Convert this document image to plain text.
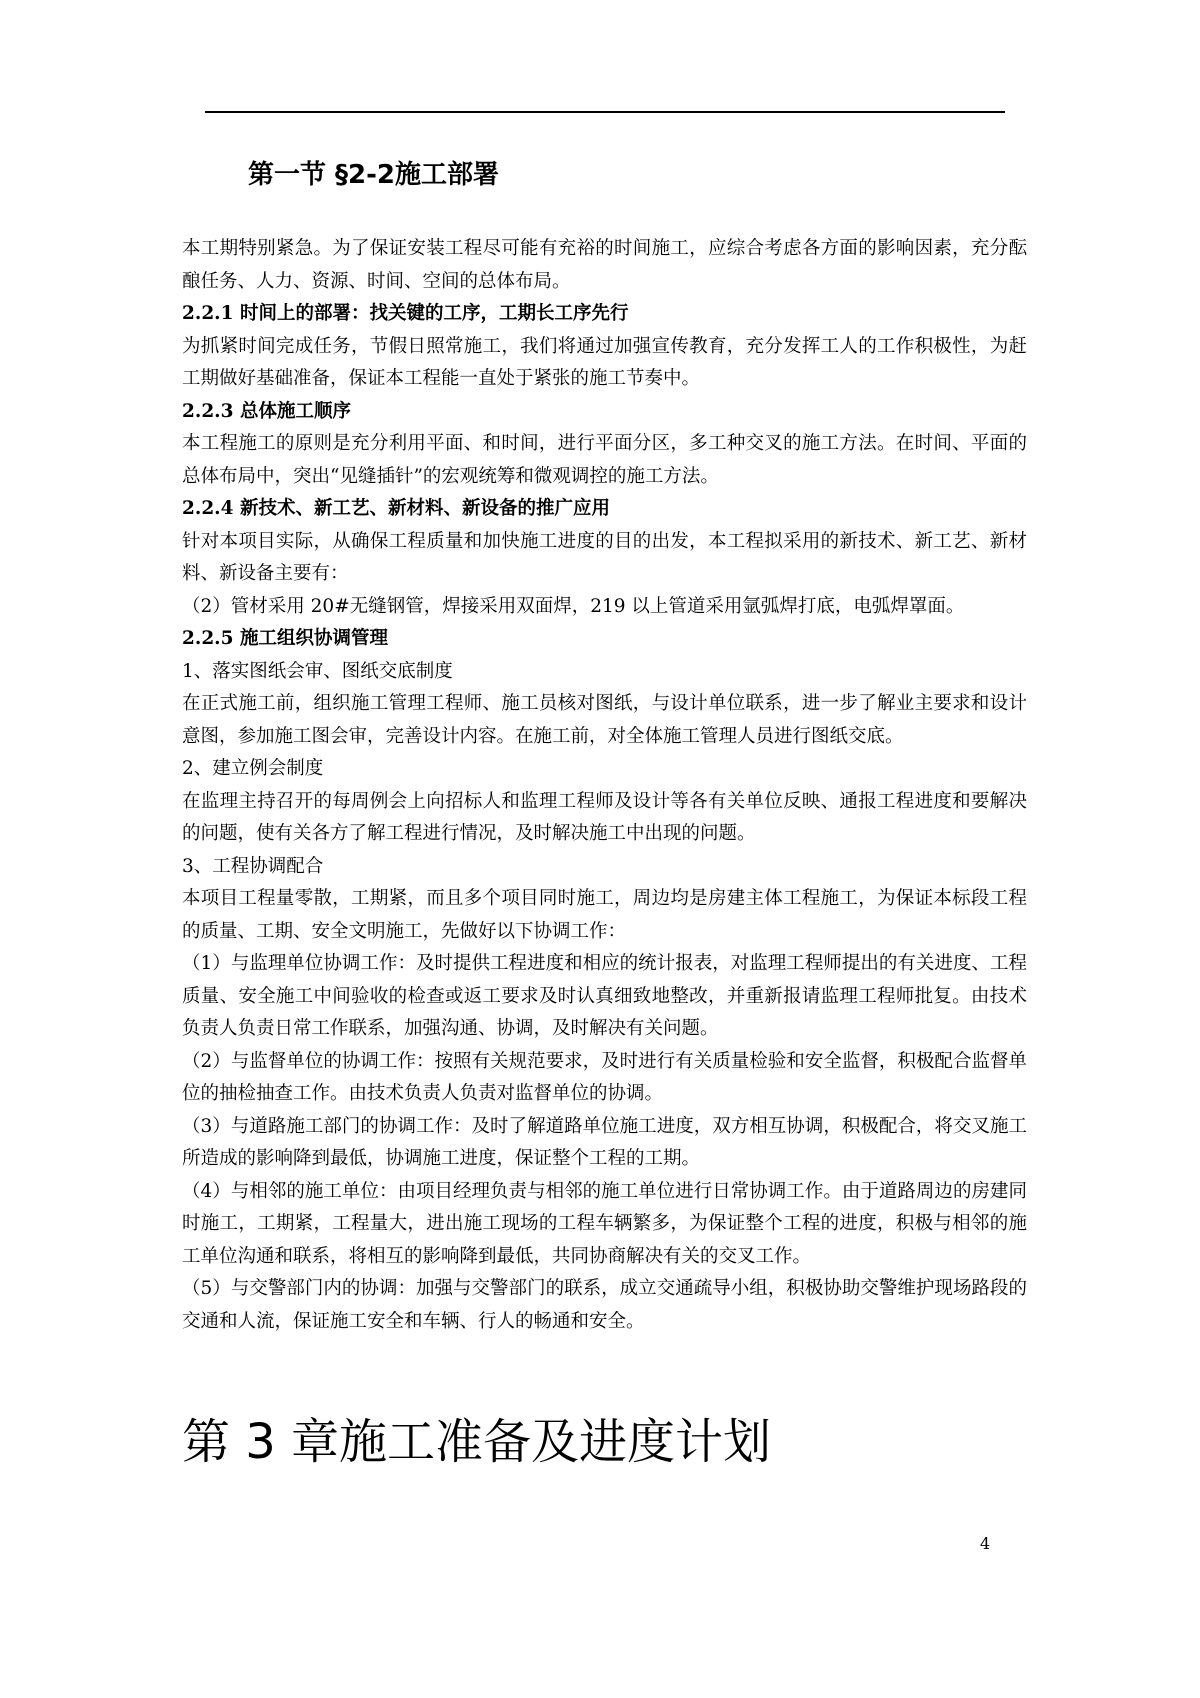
第一节 §2-2施工部署

本工期特别紧急。为了保证安装工程尽可能有充裕的时间施工，应综合考虑各方面的影响因素，充分酝酿任务、人力、资源、时间、空间的总体布局。

2.2.1 时间上的部署：找关键的工序，工期长工序先行

为抓紧时间完成任务，节假日照常施工，我们将通过加强宣传教育，充分发挥工人的工作积极性，为赶工期做好基础准备，保证本工程能一直处于紧张的施工节奏中。

2.2.3 总体施工顺序

本工程施工的原则是充分利用平面、和时间，进行平面分区，多工种交叉的施工方法。在时间、平面的总体布局中，突出“见缝插针”的宏观统筹和微观调控的施工方法。

2.2.4 新技术、新工艺、新材料、新设备的推广应用

针对本项目实际，从确保工程质量和加快施工进度的目的出发，本工程拟采用的新技术、新工艺、新材料、新设备主要有：

（2）管材采用 20#无缝钢管，焊接采用双面焊，219 以上管道采用氩弧焊打底，电弧焊罩面。

2.2.5 施工组织协调管理

1、落实图纸会审、图纸交底制度

在正式施工前，组织施工管理工程师、施工员核对图纸，与设计单位联系，进一步了解业主要求和设计意图，参加施工图会审，完善设计内容。在施工前，对全体施工管理人员进行图纸交底。

2、建立例会制度

在监理主持召开的每周例会上向招标人和监理工程师及设计等各有关单位反映、通报工程进度和要解决的问题，使有关各方了解工程进行情况，及时解决施工中出现的问题。

3、工程协调配合

本项目工程量零散，工期紧，而且多个项目同时施工，周边均是房建主体工程施工，为保证本标段工程的质量、工期、安全文明施工，先做好以下协调工作：

（1）与监理单位协调工作：及时提供工程进度和相应的统计报表，对监理工程师提出的有关进度、工程质量、安全施工中间验收的检查或返工要求及时认真细致地整改，并重新报请监理工程师批复。由技术负责人负责日常工作联系，加强沟通、协调，及时解决有关问题。

（2）与监督单位的协调工作：按照有关规范要求，及时进行有关质量检验和安全监督，积极配合监督单位的抽检抽查工作。由技术负责人负责对监督单位的协调。

（3）与道路施工部门的协调工作：及时了解道路单位施工进度，双方相互协调，积极配合，将交叉施工所造成的影响降到最低，协调施工进度，保证整个工程的工期。

（4）与相邻的施工单位：由项目经理负责与相邻的施工单位进行日常协调工作。由于道路周边的房建同时施工，工期紧，工程量大，进出施工现场的工程车辆繁多，为保证整个工程的进度，积极与相邻的施工单位沟通和联系，将相互的影响降到最低，共同协商解决有关的交叉工作。

（5）与交警部门内的协调：加强与交警部门的联系，成立交通疏导小组，积极协助交警维护现场路段的交通和人流，保证施工安全和车辆、行人的畅通和安全。

第 3 章施工准备及进度计划
4
